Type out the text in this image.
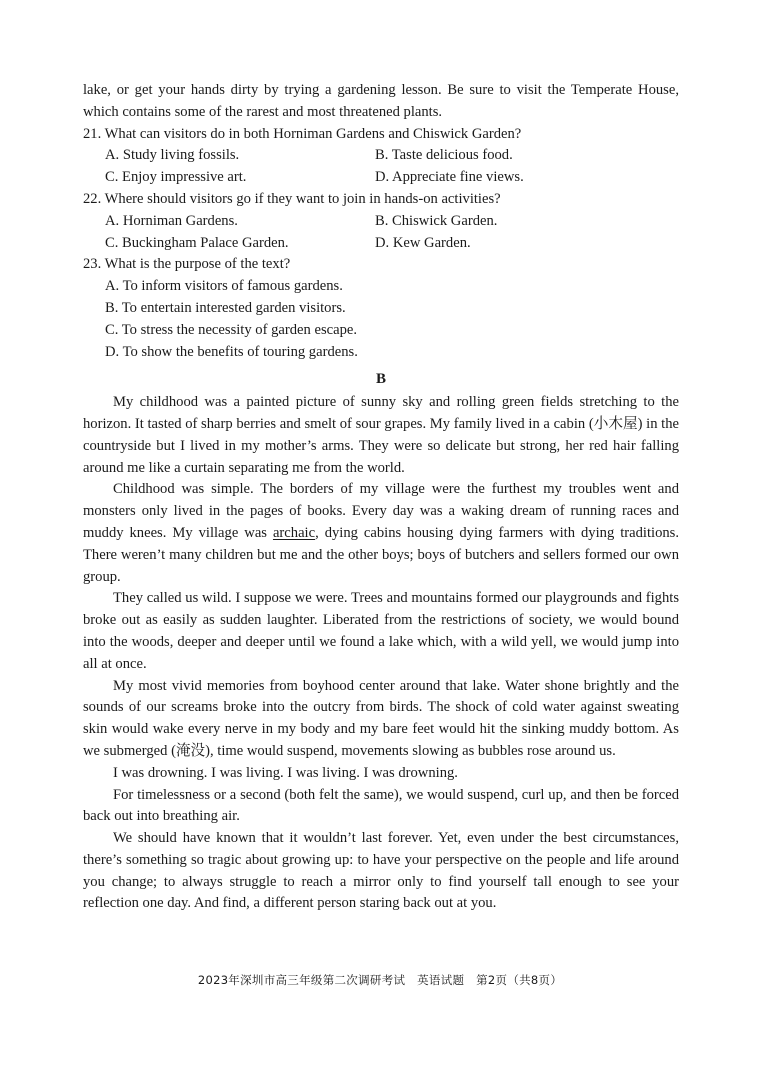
lake, or get your hands dirty by trying a gardening lesson. Be sure to visit the Temperate House, which contains some of the rarest and most threatened plants.

21. What can visitors do in both Horniman Gardens and Chiswick Garden?

A. Study living fossils.	B. Taste delicious food.
C. Enjoy impressive art.	D. Appreciate fine views.

22. Where should visitors go if they want to join in hands-on activities?

A. Horniman Gardens.	B. Chiswick Garden.
C. Buckingham Palace Garden.	D. Kew Garden.

23. What is the purpose of the text?

A. To inform visitors of famous gardens.
B. To entertain interested garden visitors.
C. To stress the necessity of garden escape.
D. To show the benefits of touring gardens.
B

My childhood was a painted picture of sunny sky and rolling green fields stretching to the horizon. It tasted of sharp berries and smelt of sour grapes. My family lived in a cabin (小木屋) in the countryside but I lived in my mother’s arms. They were so delicate but strong, her red hair falling around me like a curtain separating me from the world.

Childhood was simple. The borders of my village were the furthest my troubles went and monsters only lived in the pages of books. Every day was a waking dream of running races and muddy knees. My village was archaic, dying cabins housing dying farmers with dying traditions. There weren’t many children but me and the other boys; boys of butchers and sellers formed our own group.

They called us wild. I suppose we were. Trees and mountains formed our playgrounds and fights broke out as easily as sudden laughter. Liberated from the restrictions of society, we would bound into the woods, deeper and deeper until we found a lake which, with a wild yell, we would jump into all at once.

My most vivid memories from boyhood center around that lake. Water shone brightly and the sounds of our screams broke into the outcry from birds. The shock of cold water against sweating skin would wake every nerve in my body and my bare feet would hit the sinking muddy bottom. As we submerged (淹没), time would suspend, movements slowing as bubbles rose around us.

I was drowning. I was living. I was living. I was drowning.

For timelessness or a second (both felt the same), we would suspend, curl up, and then be forced back out into breathing air.

We should have known that it wouldn’t last forever. Yet, even under the best circumstances, there’s something so tragic about growing up: to have your perspective on the people and life around you change; to always struggle to reach a mirror only to find yourself tall enough to see your reflection one day. And find, a different person staring back out at you.

2023年深圳市高三年级第二次调研考试　英语试题　第2页（共8页）
